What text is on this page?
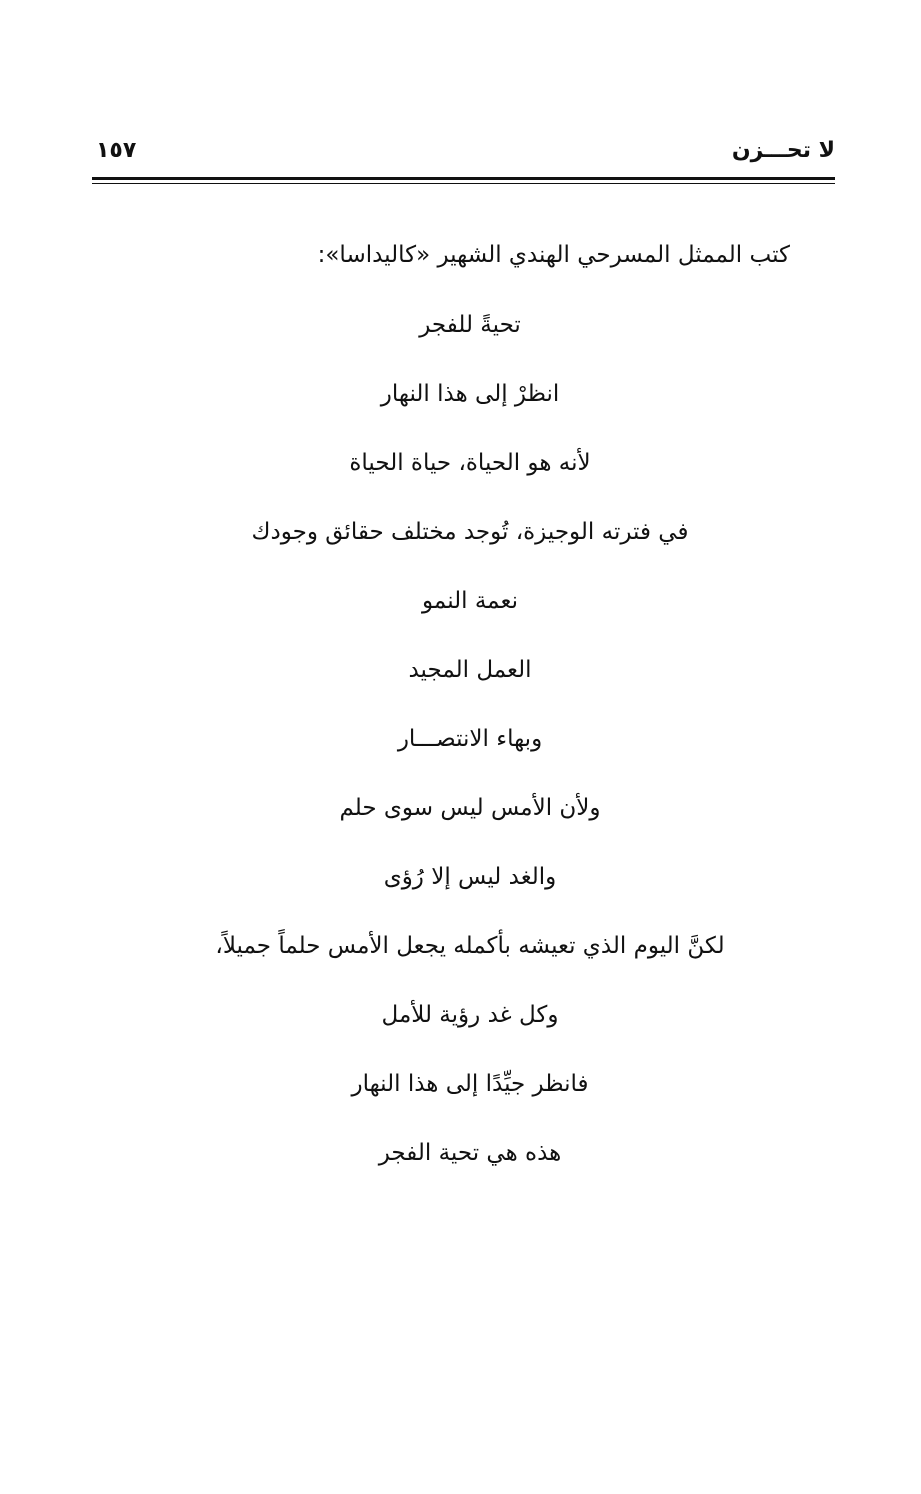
لا تحـــزن
١٥٧

كتب الممثل المسرحي الهندي الشهير «كاليداسا»:

تحيةً للفجر

انظرْ إلى هذا النهار

لأنه هو الحياة، حياة الحياة

في فترته الوجيزة، تُوجد مختلف حقائق وجودك

نعمة النمو

العمل المجيد

وبهاء الانتصـــار

ولأن الأمس ليس سوى حلم

والغد ليس إلا رُؤى

لكنَّ اليوم الذي تعيشه بأكمله يجعل الأمس حلماً جميلاً،

وكل غد رؤية للأمل

فانظر جيِّدًا إلى هذا النهار

هذه هي تحية الفجر
